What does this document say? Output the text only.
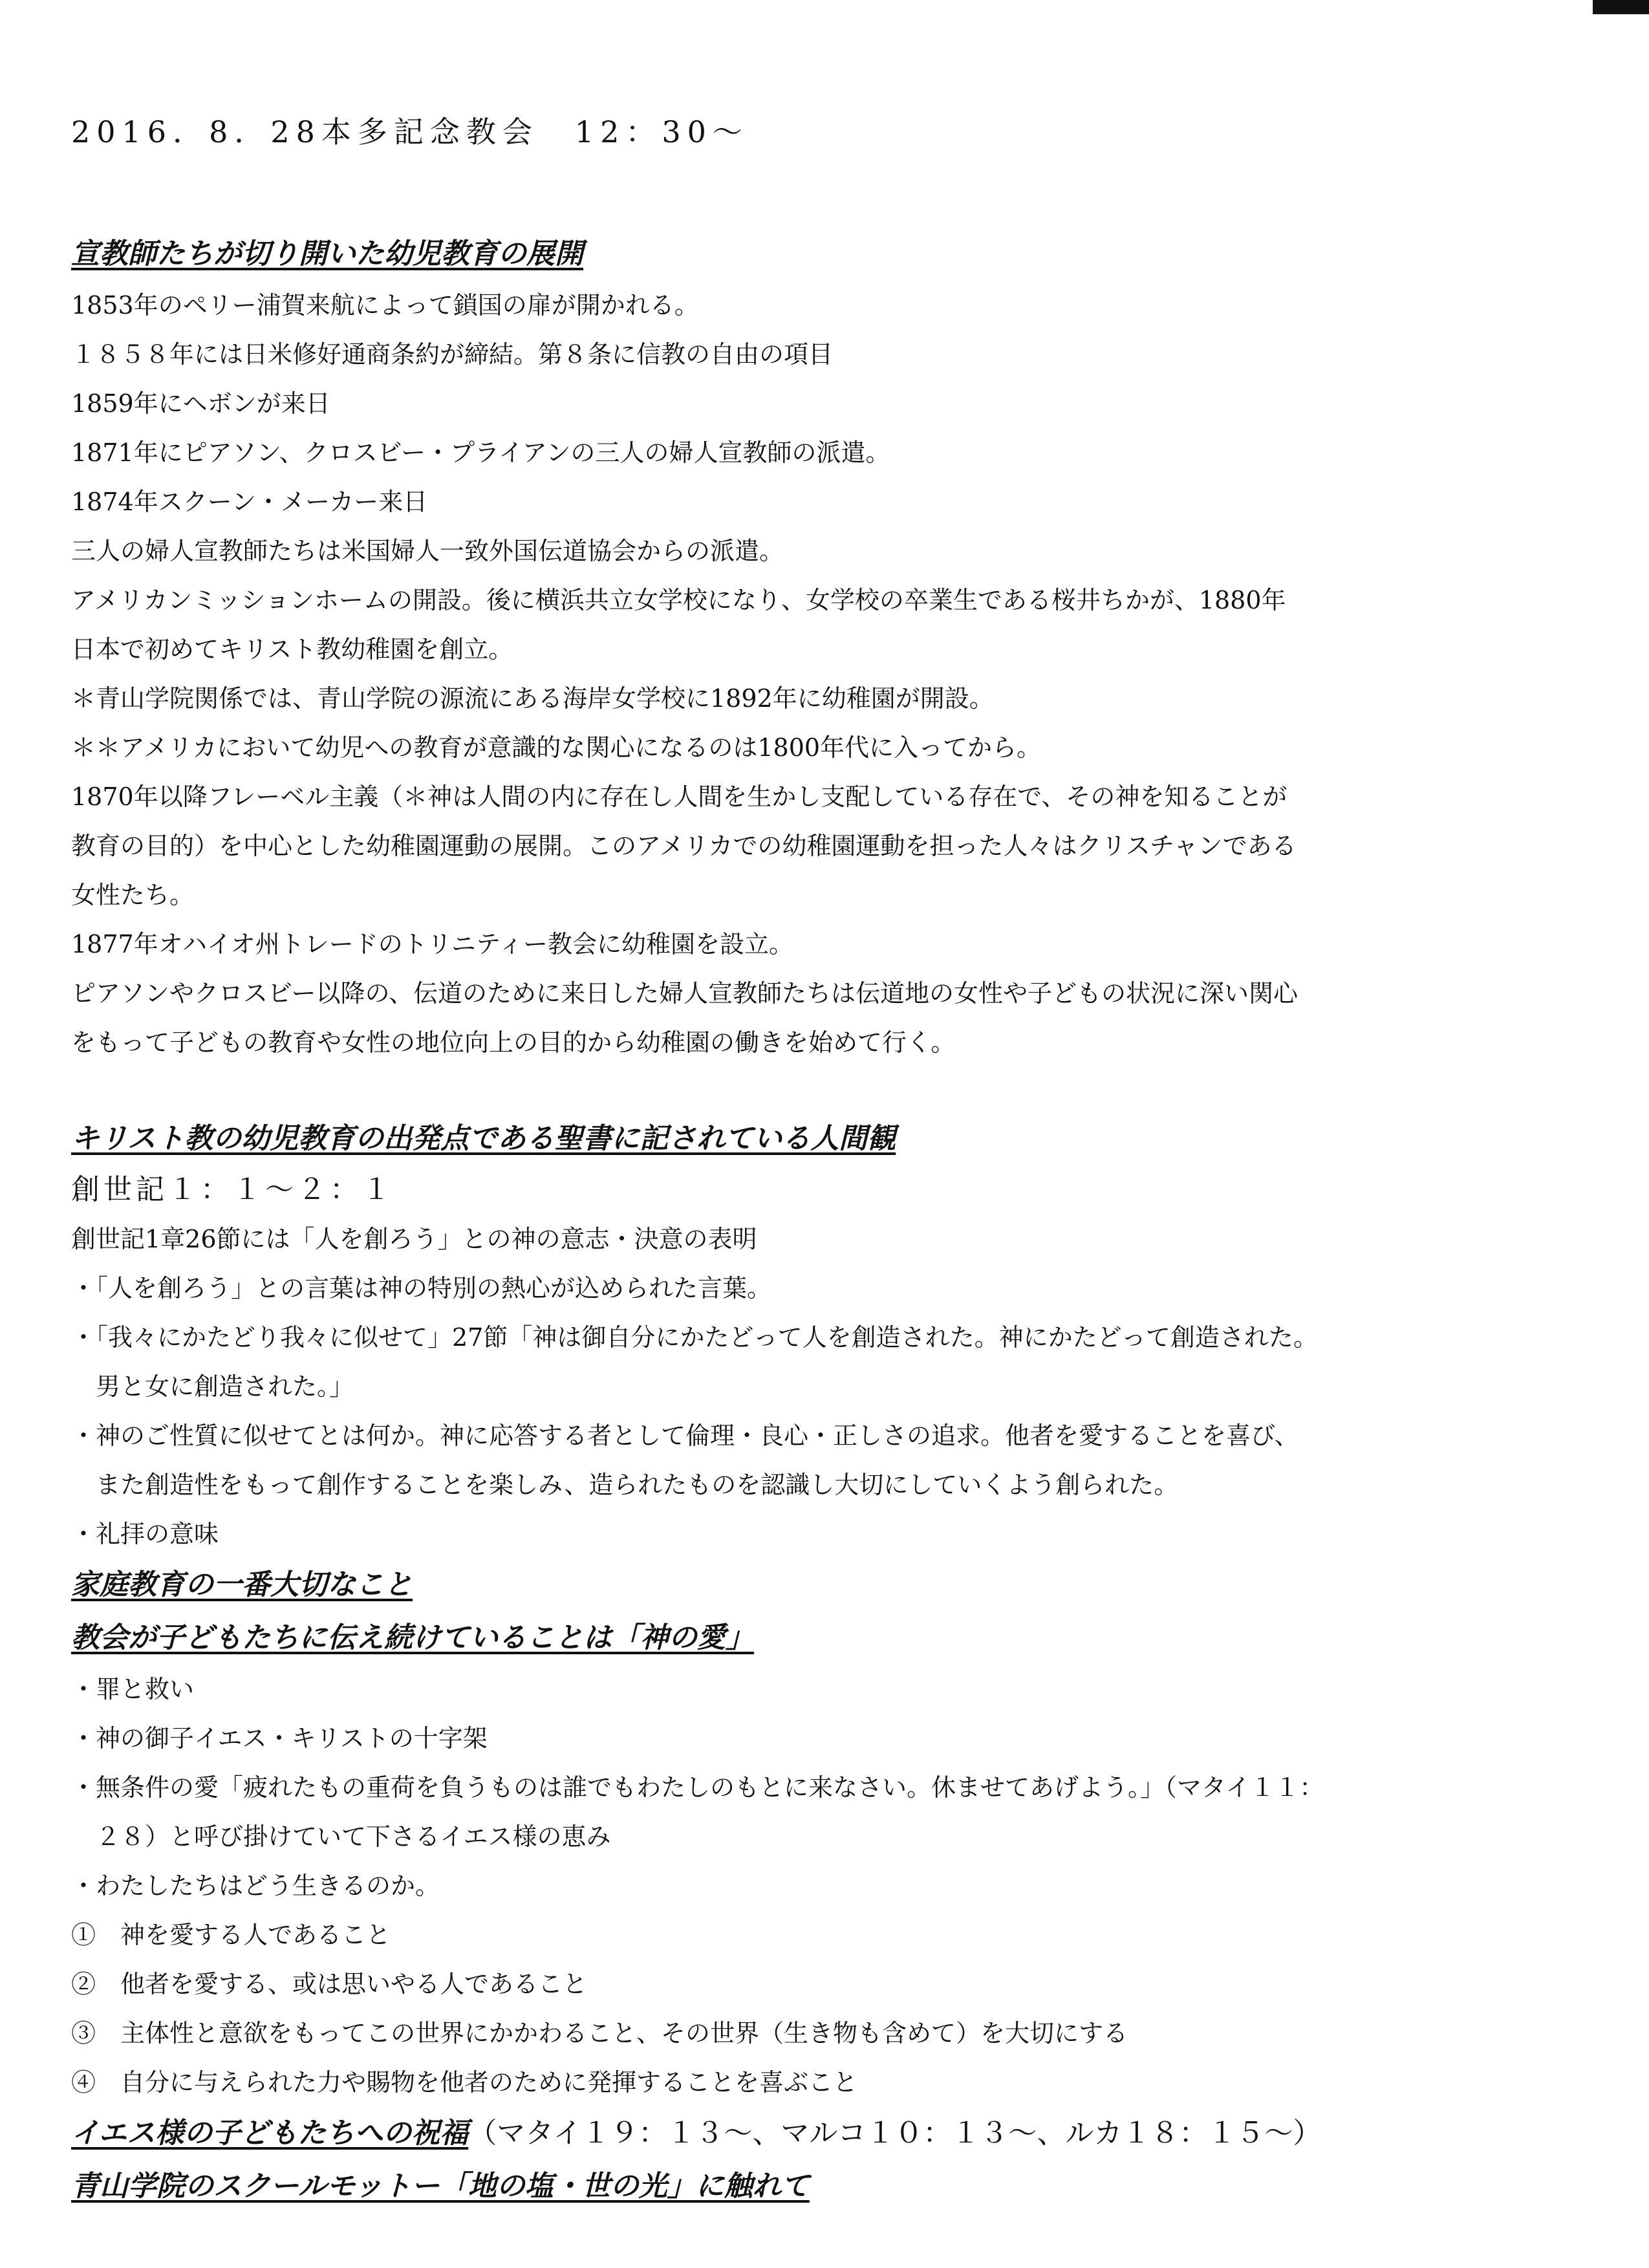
2016．8．28本多記念教会　12：30～

宣教師たちが切り開いた幼児教育の展開

1853年のペリー浦賀来航によって鎖国の扉が開かれる。

１８５８年には日米修好通商条約が締結。第８条に信教の自由の項目

1859年にヘボンが来日

1871年にピアソン、クロスビー・プライアンの三人の婦人宣教師の派遣。

1874年スクーン・メーカー来日

三人の婦人宣教師たちは米国婦人一致外国伝道協会からの派遣。

アメリカンミッションホームの開設。後に横浜共立女学校になり、女学校の卒業生である桜井ちかが、1880年

日本で初めてキリスト教幼稚園を創立。

＊青山学院関係では、青山学院の源流にある海岸女学校に1892年に幼稚園が開設。

＊＊アメリカにおいて幼児への教育が意識的な関心になるのは1800年代に入ってから。

1870年以降フレーベル主義（＊神は人間の内に存在し人間を生かし支配している存在で、その神を知ることが

教育の目的）を中心とした幼稚園運動の展開。このアメリカでの幼稚園運動を担った人々はクリスチャンである

女性たち。

1877年オハイオ州トレードのトリニティー教会に幼稚園を設立。

ピアソンやクロスビー以降の、伝道のために来日した婦人宣教師たちは伝道地の女性や子どもの状況に深い関心

をもって子どもの教育や女性の地位向上の目的から幼稚園の働きを始めて行く。

キリスト教の幼児教育の出発点である聖書に記されている人間観

創世記１：１～２：１

創世記1章26節には「人を創ろう」との神の意志・決意の表明

・「人を創ろう」との言葉は神の特別の熱心が込められた言葉。

・「我々にかたどり我々に似せて」27節「神は御自分にかたどって人を創造された。神にかたどって創造された。

男と女に創造された。」

・神のご性質に似せてとは何か。神に応答する者として倫理・良心・正しさの追求。他者を愛することを喜び、

また創造性をもって創作することを楽しみ、造られたものを認識し大切にしていくよう創られた。

・礼拝の意味

家庭教育の一番大切なこと

教会が子どもたちに伝え続けていることは「神の愛」

・罪と救い

・神の御子イエス・キリストの十字架

・無条件の愛「疲れたもの重荷を負うものは誰でもわたしのもとに来なさい。休ませてあげよう。」（マタイ１１：

２８）と呼び掛けていて下さるイエス様の恵み

・わたしたちはどう生きるのか。

①　神を愛する人であること

②　他者を愛する、或は思いやる人であること

③　主体性と意欲をもってこの世界にかかわること、その世界（生き物も含めて）を大切にする

④　自分に与えられた力や賜物を他者のために発揮することを喜ぶこと

イエス様の子どもたちへの祝福（マタイ１９：１３～、マルコ１０：１３～、ルカ１８：１５～）

青山学院のスクールモットー「地の塩・世の光」に触れて
